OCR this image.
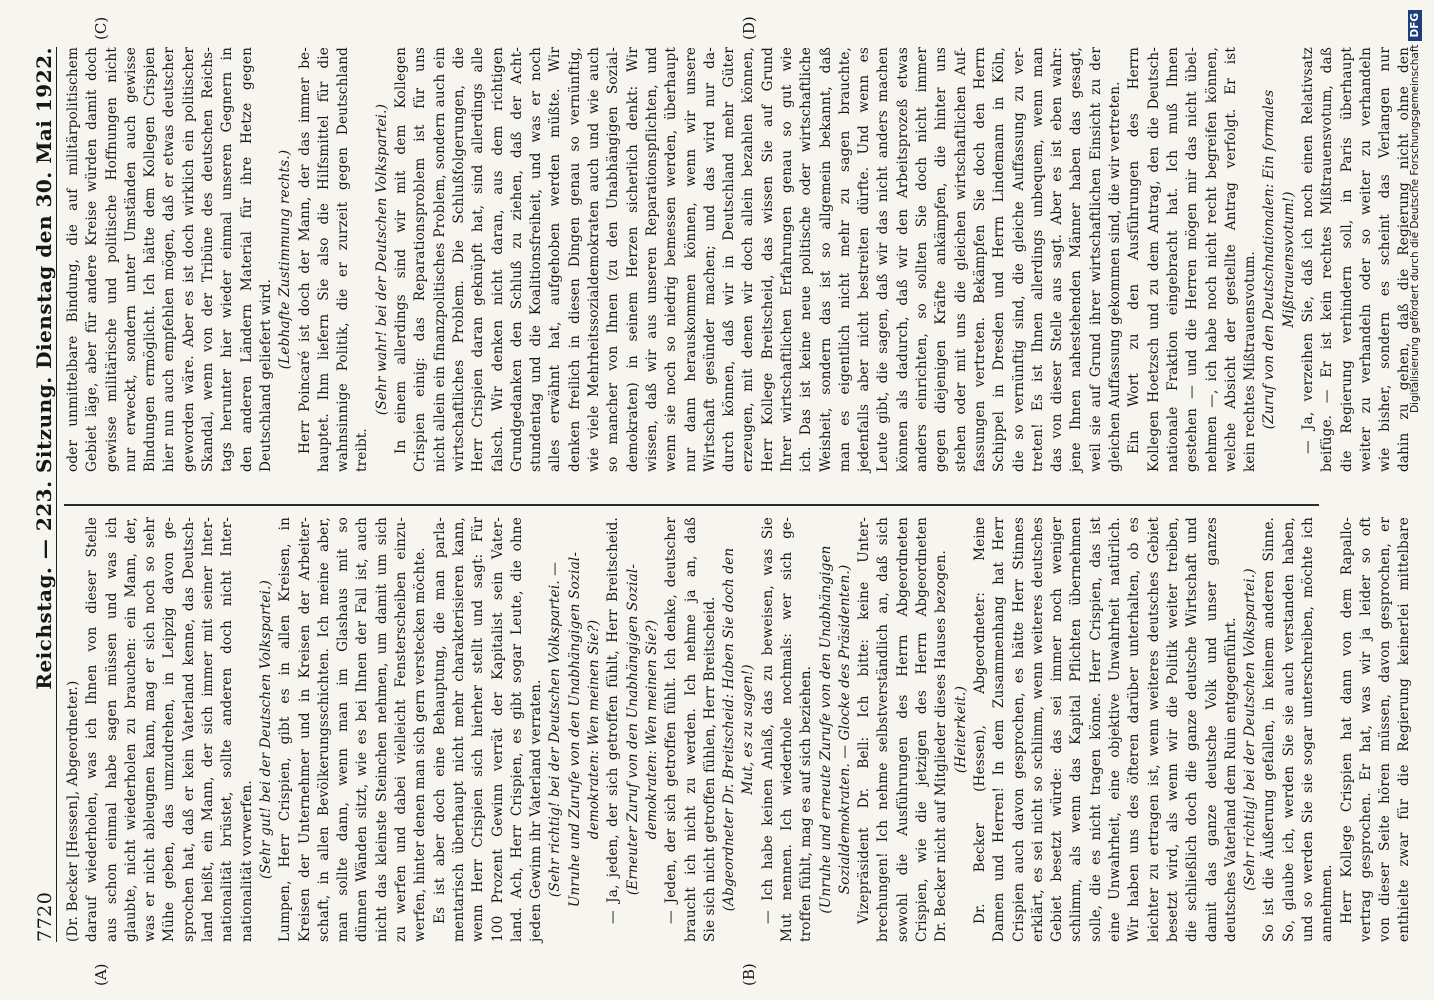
7720
Reichstag. — 223. Sitzung. Dienstag den 30. Mai 1922.
(A)	(B)
(C)	(D)
(Dr. Becker [Hessen], Abgeordneter.) darauf wiederholen, was ich Ihnen von dieser Stelle aus schon einmal habe sagen müssen und was ich glaubte, nicht wiederholen zu brauchen: ein Mann, der, was er nicht ableugnen kann, mag er sich noch so sehr Mühe geben, das umzudrehen, in Leipzig davon ge- sprochen hat, daß er kein Vaterland kenne, das Deutsch- land heißt, ein Mann, der sich immer mit seiner Inter- nationalität brüstet, sollte anderen doch nicht Inter- nationalität vorwerfen. (Sehr gut! bei der Deutschen Volkspartei.) Lumpen, Herr Crispien, gibt es in allen Kreisen, in Kreisen der Unternehmer und in Kreisen der Arbeiter- schaft, in allen Bevölkerungsschichten. Ich meine aber, man sollte dann, wenn man im Glashaus mit so dünnen Wänden sitzt, wie es bei Ihnen der Fall ist, auch nicht das kleinste Steinchen nehmen, um damit um sich zu werfen und dabei vielleicht Fensterscheiben einzu- werfen, hinter denen man sich gern verstecken möchte. Es ist aber doch eine Behauptung, die man parla- mentarisch überhaupt nicht mehr charakterisieren kann, wenn Herr Crispien sich hierher stellt und sagt: Für 100 Prozent Gewinn verrät der Kapitalist sein Vater- land. Ach, Herr Crispien, es gibt sogar Leute, die ohne jeden Gewinn ihr Vaterland verraten. (Sehr richtig! bei der Deutschen Volkspartei. — Unruhe und Zurufe von den Unabhängigen Sozial- demokraten: Wen meinen Sie?) — Ja, jeden, der sich getroffen fühlt, Herr Breitscheid. (Erneuter Zuruf von den Unabhängigen Sozial- demokraten: Wen meinen Sie?) — Jeden, der sich getroffen fühlt. Ich denke, deutscher braucht ich nicht zu werden. Ich nehme ja an, daß Sie sich nicht getroffen fühlen, Herr Breitscheid. (Abgeordneter Dr. Breitscheid: Haben Sie doch den Mut, es zu sagen!) — Ich habe keinen Anlaß, das zu beweisen, was Sie Mut nennen. Ich wiederhole nochmals: wer sich ge- troffen fühlt, mag es auf sich beziehen. (Unruhe und erneute Zurufe von den Unabhängigen Sozialdemokraten. — Glocke des Präsidenten.) Vizepräsident Dr. Bell: Ich bitte: keine Unter- brechungen! Ich nehme selbstverständlich an, daß sich sowohl die Ausführungen des Herrn Abgeordneten Crispien, wie die jetzigen des Herrn Abgeordneten Dr. Becker nicht auf Mitglieder dieses Hauses bezogen. (Heiterkeit.) Dr. Becker (Hessen), Abgeordneter: Meine Damen und Herren! In dem Zusammenhang hat Herr Crispien auch davon gesprochen, es hätte Herr Stinnes erklärt, es sei nicht so schlimm, wenn weiteres deutsches Gebiet besetzt würde: das sei immer noch weniger schlimm, als wenn das Kapital Pflichten übernehmen solle, die es nicht tragen könne. Herr Crispien, das ist eine Unwahrheit, eine objektive Unwahrheit natürlich. Wir haben uns des öfteren darüber unterhalten, ob es leichter zu ertragen ist, wenn weiteres deutsches Gebiet besetzt wird, als wenn wir die Politik weiter treiben, die schließlich doch die ganze deutsche Wirtschaft und damit das ganze deutsche Volk und unser ganzes deutsches Vaterland dem Ruin entgegenführt. (Sehr richtig! bei der Deutschen Volkspartei.) So ist die Äußerung gefallen, in keinem anderen Sinne. So, glaube ich, werden Sie sie auch verstanden haben, und so werden Sie sie sogar unterschreiben, möchte ich annehmen. Herr Kollege Crispien hat dann von dem Rapallo- vertrag gesprochen. Er hat, was wir ja leider so oft von dieser Seite hören müssen, davon gesprochen, er enthielte zwar für die Regierung keinerlei mittelbare
oder unmittelbare Bindung, die auf militärpolitischem Gebiet läge, aber für andere Kreise würden damit doch gewisse militärische und politische Hoffnungen nicht nur erweckt, sondern unter Umständen auch gewisse Bindungen ermöglicht. Ich hätte dem Kollegen Crispien hier nun auch empfehlen mögen, daß er etwas deutscher geworden wäre. Aber es ist doch wirklich ein politischer Skandal, wenn von der Tribüne des deutschen Reichs- tags herunter hier wieder einmal unseren Gegnern in den anderen Ländern Material für ihre Hetze gegen Deutschland geliefert wird.
(Lebhafte Zustimmung rechts.) Herr Poincaré ist doch der Mann, der das immer be- hauptet. Ihm liefern Sie also die Hilfsmittel für die wahnsinnige Politik, die er zurzeit gegen Deutschland treibt.
(Sehr wahr! bei der Deutschen Volkspartei.) In einem allerdings sind wir mit dem Kollegen Crispien einig: das Reparationsproblem ist für uns nicht allein ein finanzpolitisches Problem, sondern auch ein wirtschaftliches Problem. Die Schlußfolgerungen, die Herr Crispien daran geknüpft hat, sind allerdings alle falsch. Wir denken nicht daran, aus dem richtigen Grundgedanken den Schluß zu ziehen, daß der Acht- stundentag und die Koalitionsfreiheit, und was er noch alles erwähnt hat, aufgehoben werden müßte. Wir denken freilich in diesen Dingen genau so vernünftig, wie viele Mehrheitssozialdemokraten auch und wie auch so mancher von Ihnen (zu den Unabhängigen Sozial- demokraten) in seinem Herzen sicherlich denkt: Wir wissen, daß wir aus unseren Reparationspflichten, und wenn sie noch so niedrig bemessen werden, überhaupt nur dann herauskommen können, wenn wir unsere Wirtschaft gesünder machen; und das wird nur da- durch können, daß wir in Deutschland mehr Güter erzeugen, mit denen wir doch allein bezahlen können, Herr Kollege Breitscheid, das wissen Sie auf Grund Ihrer wirtschaftlichen Erfahrungen genau so gut wie ich. Das ist keine neue politische oder wirtschaftliche Weisheit, sondern das ist so allgemein bekannt, daß man es eigentlich nicht mehr zu sagen brauchte, jedenfalls aber nicht bestreiten dürfte. Und wenn es Leute gibt, die sagen, daß wir das nicht anders machen können als dadurch, daß wir den Arbeitsprozeß etwas anders einrichten, so sollten Sie doch nicht immer gegen diejenigen Kräfte ankämpfen, die hinter uns stehen oder mit uns die gleichen wirtschaftlichen Auf- fassungen vertreten. Bekämpfen Sie doch den Herrn Schippel in Dresden und Herrn Lindemann in Köln, die so vernünftig sind, die gleiche Auffassung zu ver- treten! Es ist Ihnen allerdings unbequem, wenn man das von dieser Stelle aus sagt. Aber es ist eben wahr: jene Ihnen nahestehenden Männer haben das gesagt, weil sie auf Grund ihrer wirtschaftlichen Einsicht zu der gleichen Auffassung gekommen sind, die wir vertreten. Ein Wort zu den Ausführungen des Herrn Kollegen Hoetzsch und zu dem Antrag, den die Deutsch- nationale Fraktion eingebracht hat. Ich muß Ihnen gestehen — und die Herren mögen mir das nicht übel- nehmen —, ich habe noch nicht recht begreifen können, welche Absicht der gestellte Antrag verfolgt. Er ist kein rechtes Mißtrauensvotum. (Zuruf von den Deutschnationalen: Ein formales Mißtrauensvotum!) — Ja, verzeihen Sie, daß ich noch einen Relativsatz beifüge. — Er ist kein rechtes Mißtrauensvotum, daß die Regierung verhindern soll, in Paris überhaupt weiter zu verhandeln oder so weiter zu verhandeln wie bisher, sondern es scheint das Verlangen nur dahin zu gehen, daß die Regierung nicht ohne den
Digitalisierung gefördert durch die Deutsche ForschungsgemeinschaftDFG
